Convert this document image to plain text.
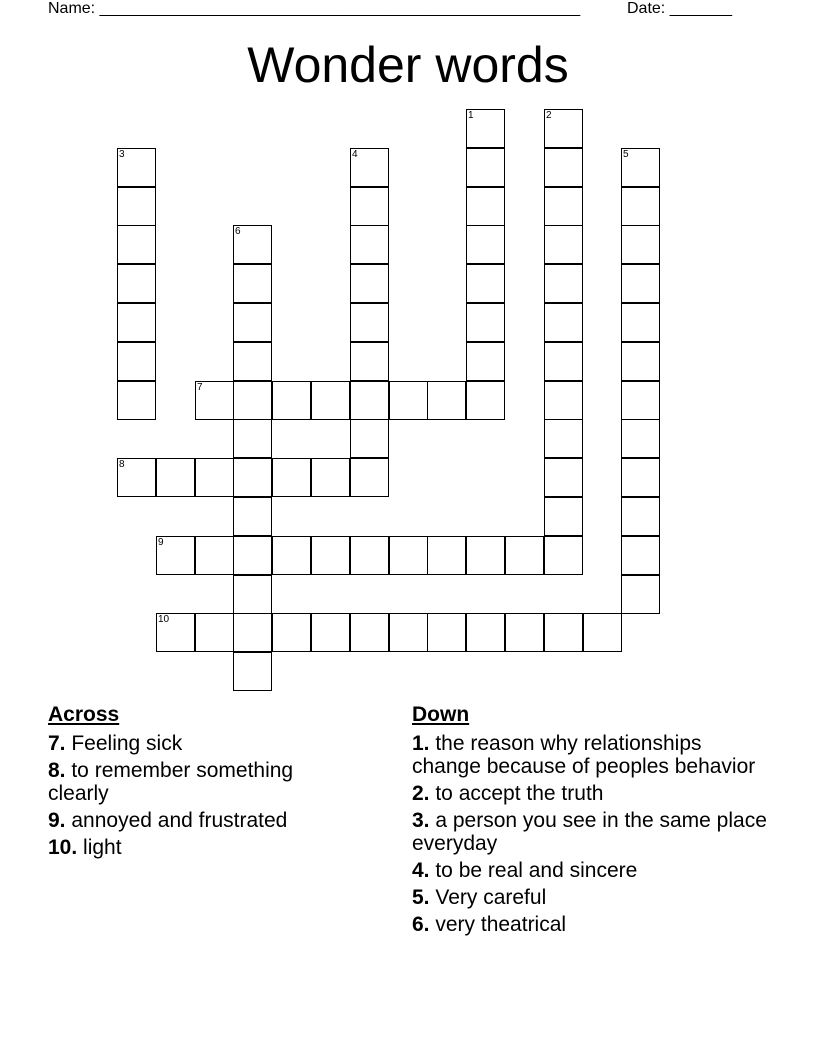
Name: ______________________________________________________	Date: _______
Wonder words
1	2
3	4	5
6
7
8
9
10
Across
7. Feeling sick
8. to remember something clearly
9. annoyed and frustrated
10. light
Down
1. the reason why relationships change because of peoples behavior
2. to accept the truth
3. a person you see in the same place everyday
4. to be real and sincere
5. Very careful
6. very theatrical
